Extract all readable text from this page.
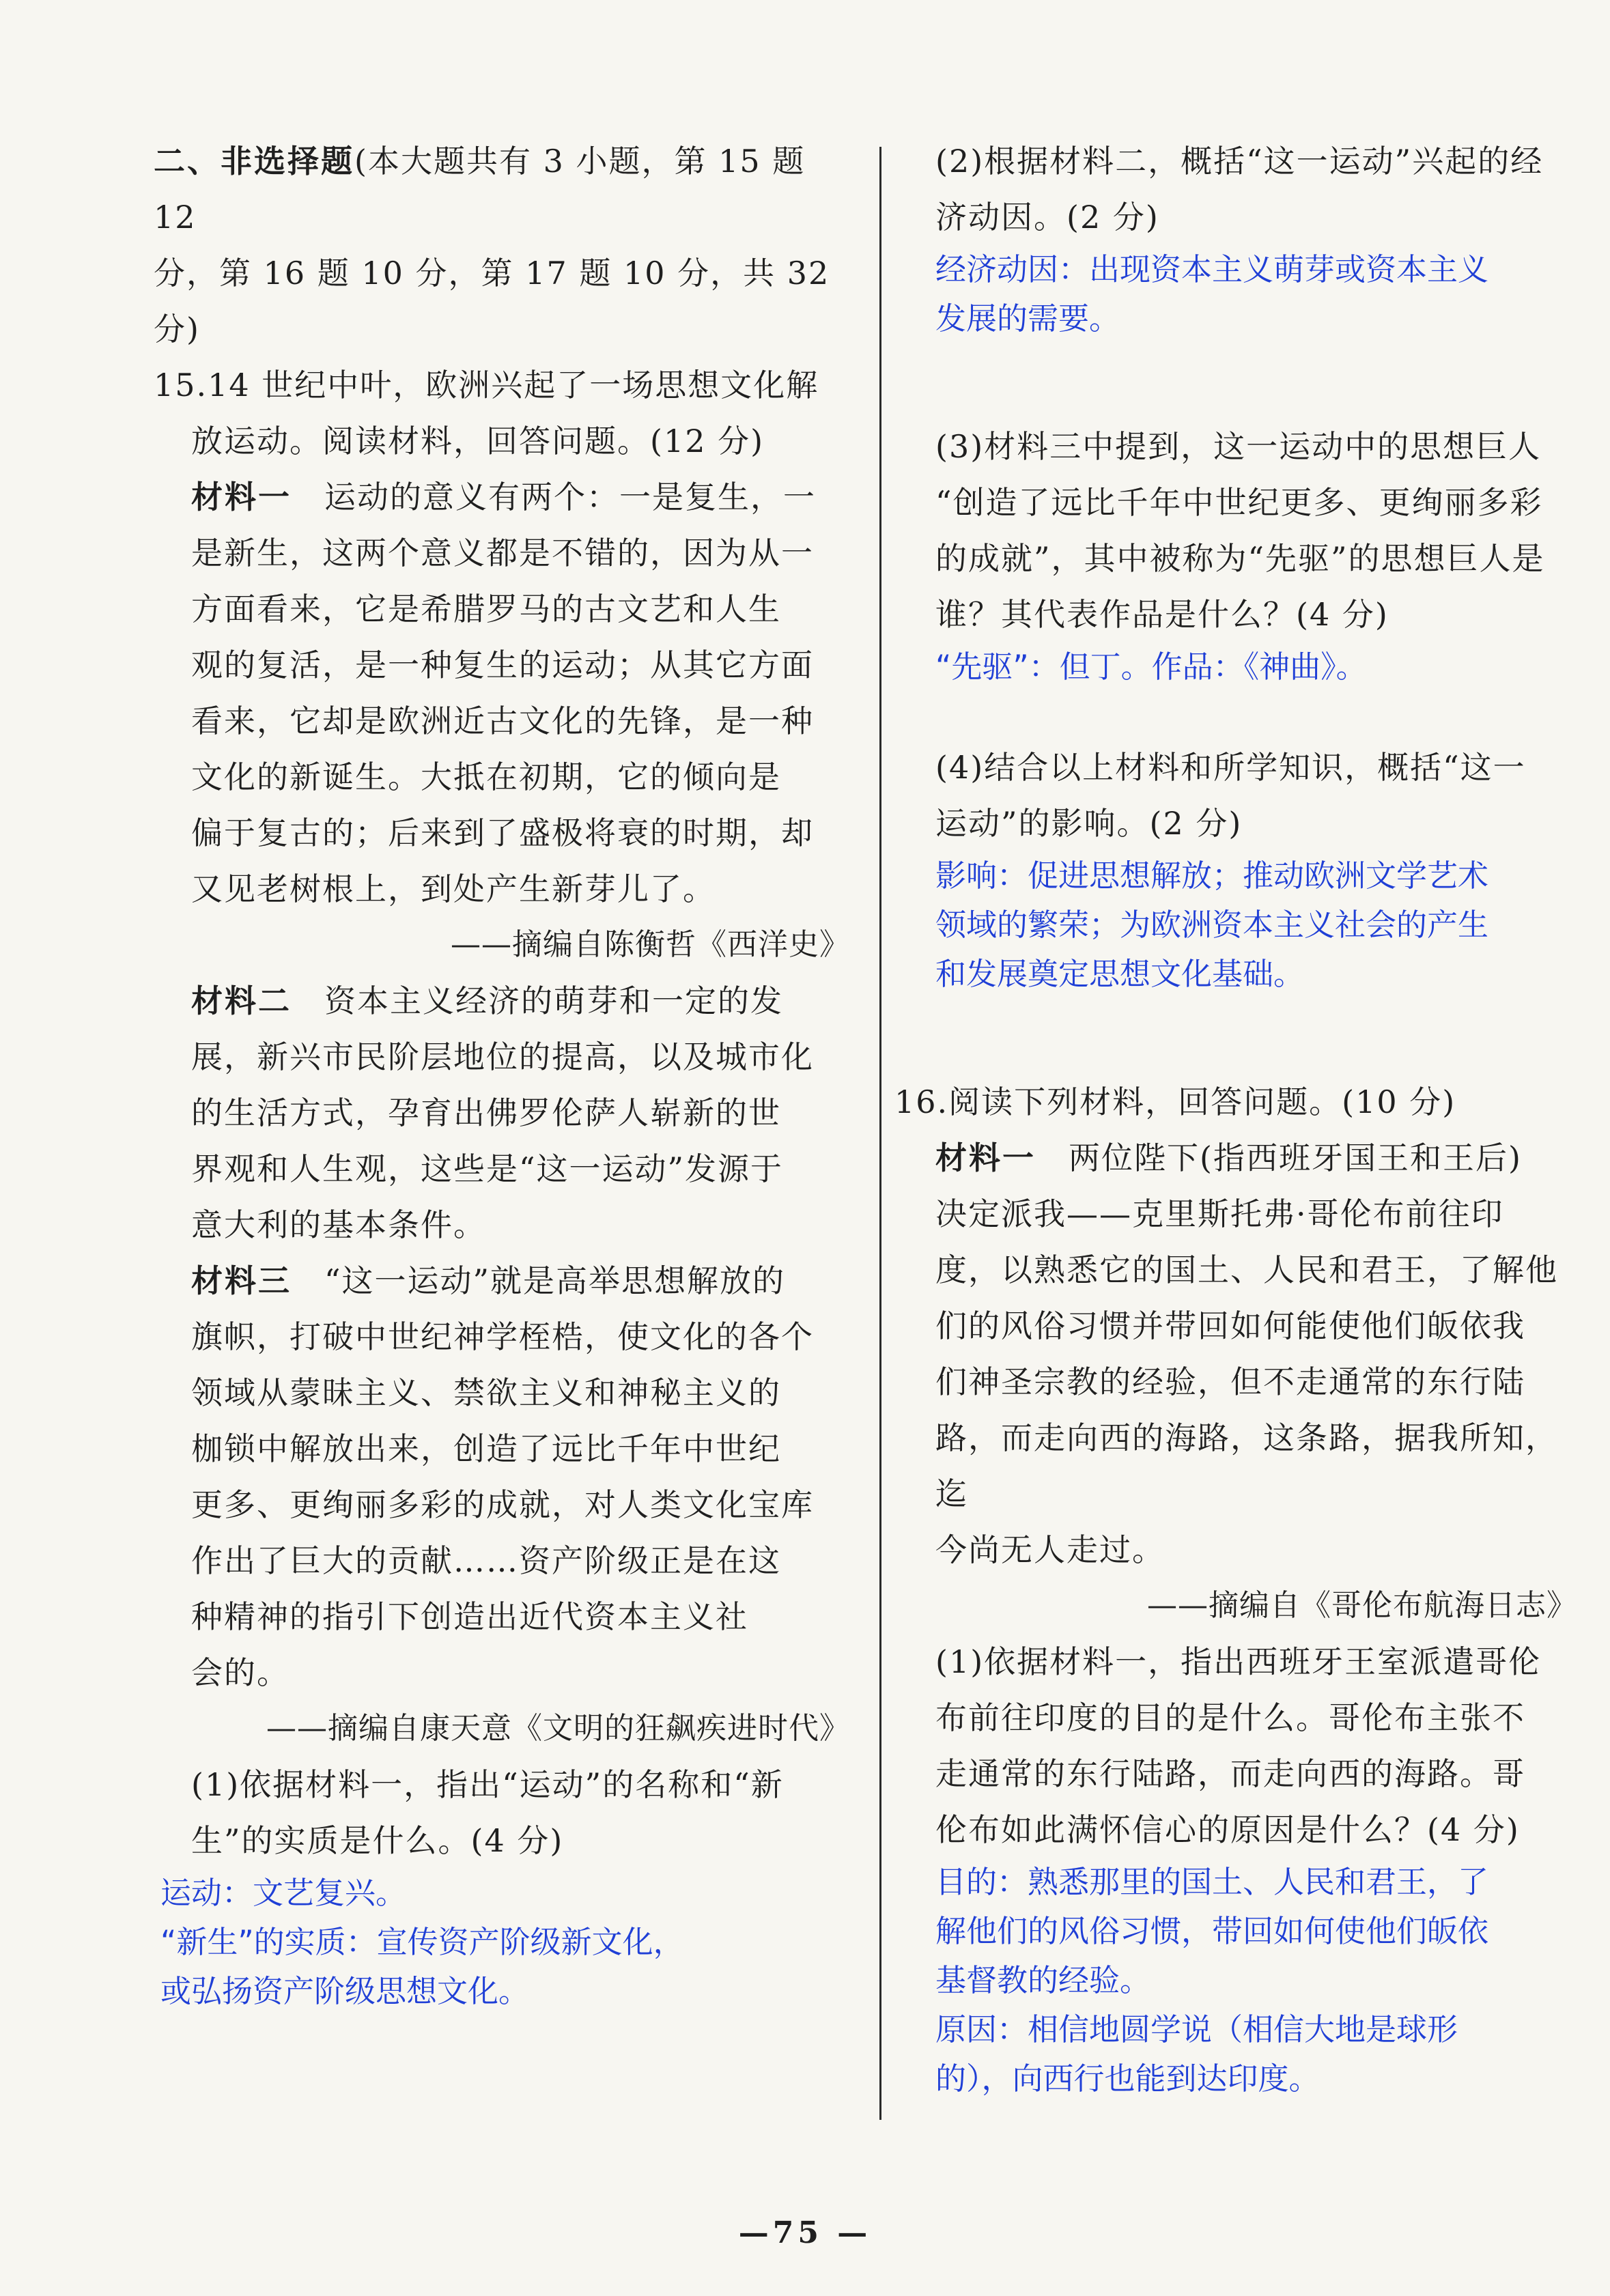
二、非选择题(本大题共有 3 小题，第 15 题 12

分，第 16 题 10 分，第 17 题 10 分，共 32 分)

15.14 世纪中叶，欧洲兴起了一场思想文化解

放运动。阅读材料，回答问题。(12 分)

材料一　 运动的意义有两个：一是复生，一

是新生，这两个意义都是不错的，因为从一

方面看来，它是希腊罗马的古文艺和人生

观的复活，是一种复生的运动；从其它方面

看来，它却是欧洲近古文化的先锋，是一种

文化的新诞生。大抵在初期，它的倾向是

偏于复古的；后来到了盛极将衰的时期，却

又见老树根上，到处产生新芽儿了。

——摘编自陈衡哲《西洋史》

材料二　 资本主义经济的萌芽和一定的发

展，新兴市民阶层地位的提高，以及城市化

的生活方式，孕育出佛罗伦萨人崭新的世

界观和人生观，这些是“这一运动”发源于

意大利的基本条件。

材料三　 “这一运动”就是高举思想解放的

旗帜，打破中世纪神学桎梏，使文化的各个

领域从蒙昧主义、禁欲主义和神秘主义的

枷锁中解放出来，创造了远比千年中世纪

更多、更绚丽多彩的成就，对人类文化宝库

作出了巨大的贡献……资产阶级正是在这

种精神的指引下创造出近代资本主义社

会的。

——摘编自康天意《文明的狂飙疾进时代》

(1)依据材料一，指出“运动”的名称和“新

生”的实质是什么。(4 分)

运动：文艺复兴。

“新生”的实质：宣传资产阶级新文化，

或弘扬资产阶级思想文化。

(2)根据材料二，概括“这一运动”兴起的经

济动因。(2 分)

经济动因：出现资本主义萌芽或资本主义

发展的需要。

(3)材料三中提到，这一运动中的思想巨人

“创造了远比千年中世纪更多、更绚丽多彩

的成就”，其中被称为“先驱”的思想巨人是

谁？其代表作品是什么？(4 分)

“先驱”：但丁。作品：《神曲》。

(4)结合以上材料和所学知识，概括“这一

运动”的影响。(2 分)

影响：促进思想解放；推动欧洲文学艺术

领域的繁荣；为欧洲资本主义社会的产生

和发展奠定思想文化基础。

16.阅读下列材料，回答问题。(10 分)

材料一　 两位陛下(指西班牙国王和王后)

决定派我——克里斯托弗·哥伦布前往印

度，以熟悉它的国土、人民和君王，了解他

们的风俗习惯并带回如何能使他们皈依我

们神圣宗教的经验，但不走通常的东行陆

路，而走向西的海路，这条路，据我所知，迄

今尚无人走过。

——摘编自《哥伦布航海日志》

(1)依据材料一，指出西班牙王室派遣哥伦

布前往印度的目的是什么。哥伦布主张不

走通常的东行陆路，而走向西的海路。哥

伦布如此满怀信心的原因是什么？(4 分)

目的：熟悉那里的国土、人民和君王，了

解他们的风俗习惯，带回如何使他们皈依

基督教的经验。

原因：相信地圆学说（相信大地是球形

的），向西行也能到达印度。

—75 —
